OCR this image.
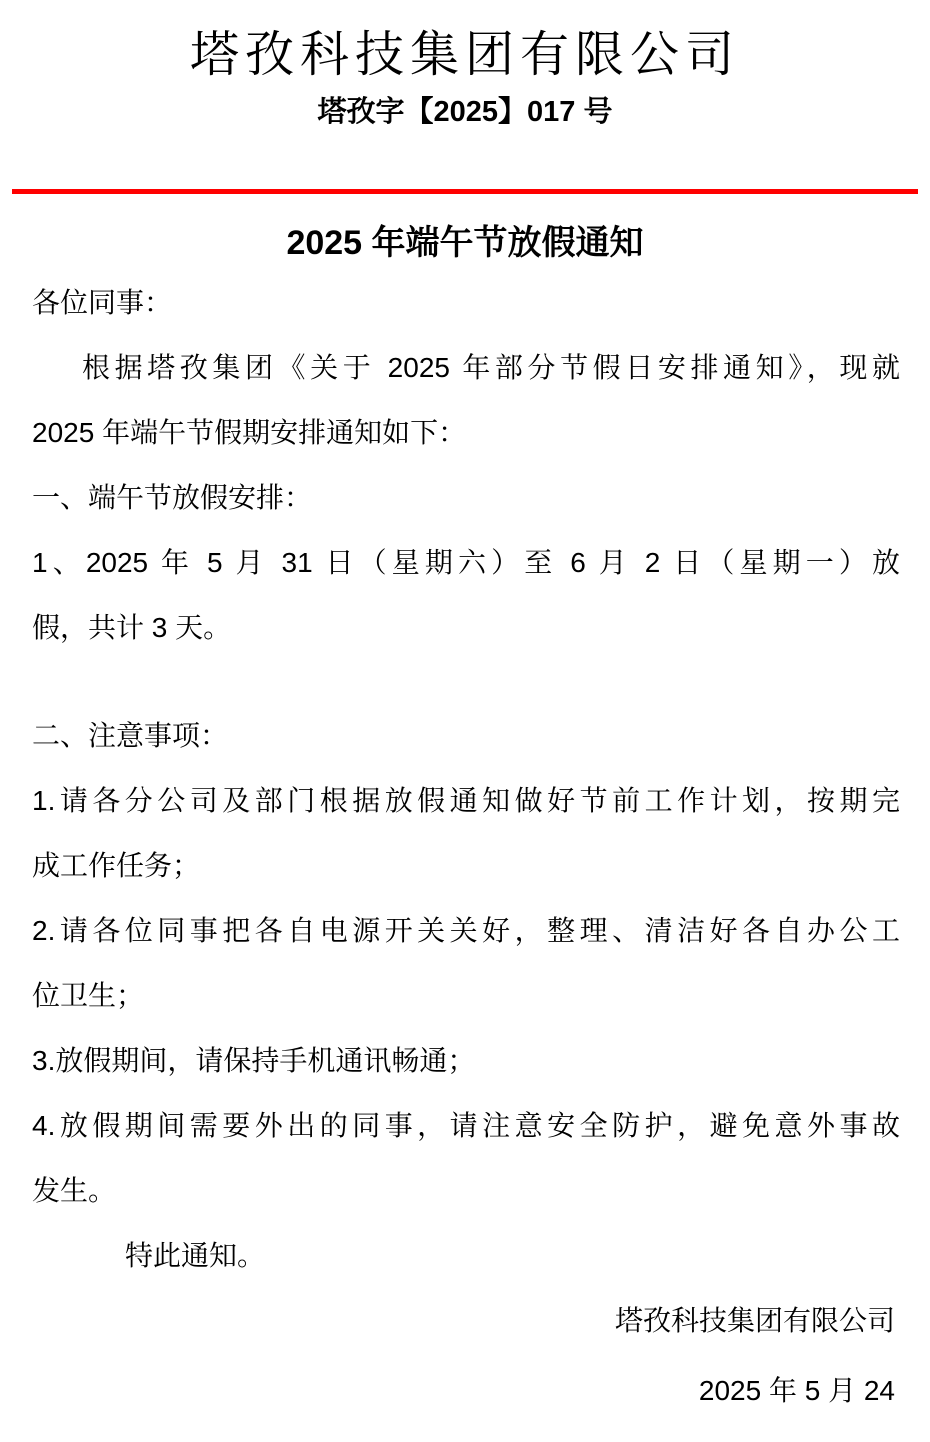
塔孜科技集团有限公司
塔孜字【2025】017 号
2025 年端午节放假通知
各位同事：
根据塔孜集团《关于 2025 年部分节假日安排通知》，现就
2025 年端午节假期安排通知如下：
一、端午节放假安排：
1、2025 年 5 月 31 日（星期六）至 6 月 2 日（星期一）放
假，共计 3 天。
二、注意事项：
1.请各分公司及部门根据放假通知做好节前工作计划，按期完
成工作任务；
2.请各位同事把各自电源开关关好，整理、清洁好各自办公工
位卫生；
3.放假期间，请保持手机通讯畅通；
4.放假期间需要外出的同事，请注意安全防护，避免意外事故
发生。
特此通知。
塔孜科技集团有限公司
2025 年 5 月 24
